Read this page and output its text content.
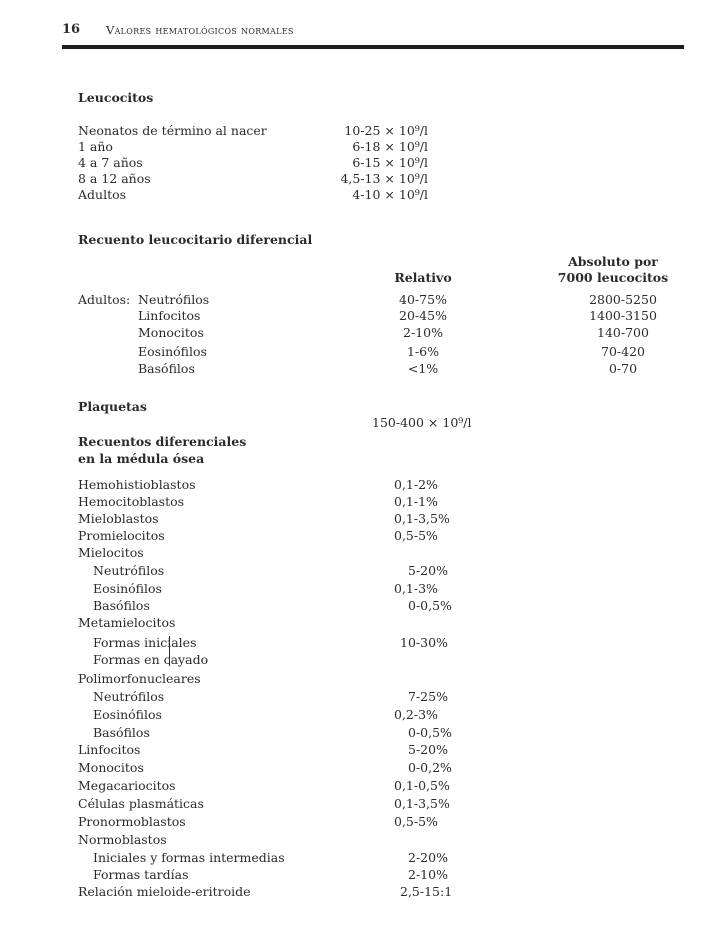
16 Valores hematológicos normales
Leucocitos
Neonatos de término al nacer	10-25 × 10⁹/l
1 año	6-18 × 10⁹/l
4 a 7 años	6-15 × 10⁹/l
8 a 12 años	4,5-13 × 10⁹/l
Adultos	4-10 × 10⁹/l
Recuento leucocitario diferencial
Relativo
Absoluto por
7000 leucocitos
Adultos: Neutrófilos	40-75%	2800-5250
Linfocitos	20-45%	1400-3150
Monocitos	2-10%	140-700
Eosinófilos	1-6%	70-420
Basófilos	<1%	0-70
Plaquetas
150-400 × 10⁹/l
Recuentos diferenciales
en la médula ósea
Hemohistioblastos	0,1-2%
Hemocitoblastos	0,1-1%
Mieloblastos	0,1-3,5%
Promielocitos	0,5-5%
Mielocitos
Neutrófilos	5-20%
Eosinófilos	0,1-3%
Basófilos	0-0,5%
Metamielocitos
Formas iniciales	10-30%
Formas en cayado
Polimorfonucleares
Neutrófilos	7-25%
Eosinófilos	0,2-3%
Basófilos	0-0,5%
Linfocitos	5-20%
Monocitos	0-0,2%
Megacariocitos	0,1-0,5%
Células plasmáticas	0,1-3,5%
Pronormoblastos	0,5-5%
Normoblastos
Iniciales y formas intermedias	2-20%
Formas tardías	2-10%
Relación mieloide-eritroide	2,5-15:1
